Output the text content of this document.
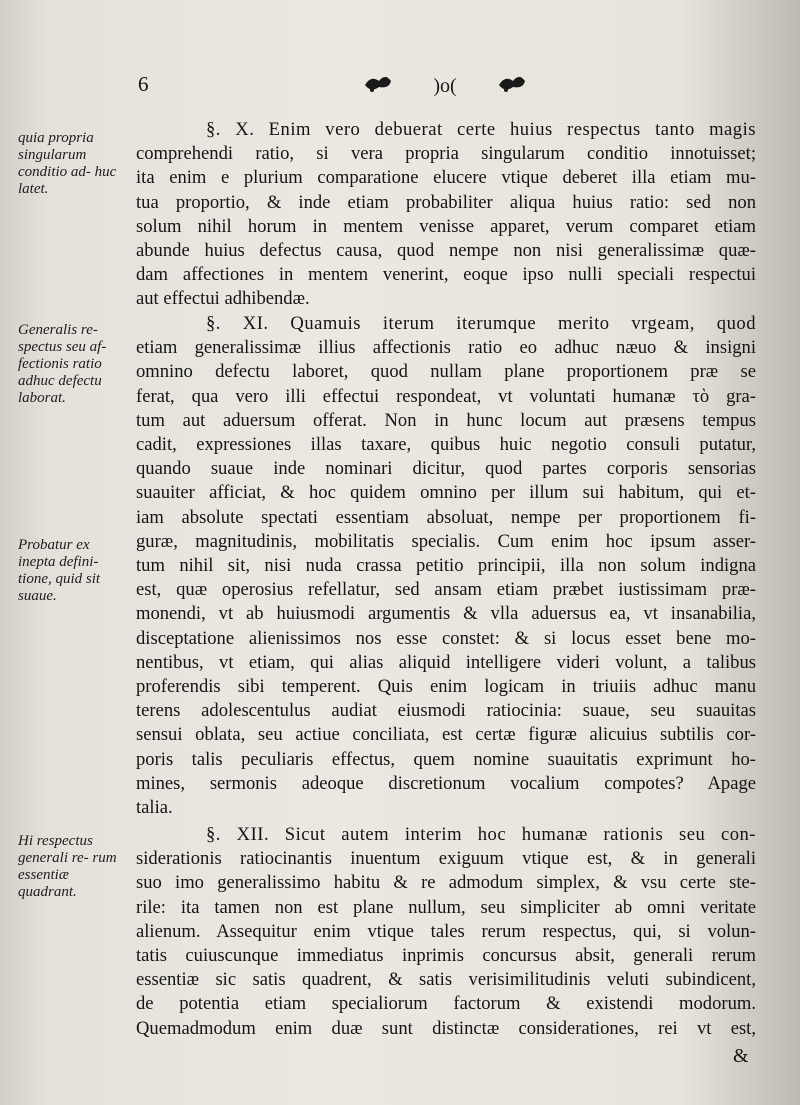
6	)o(
quia propria singularum conditio ad- huc latet.
Generalis re- spectus seu af- fectionis ratio adhuc defectu laborat.
Probatur ex inepta defini- tione, quid sit suaue.
Hi respectus generali re- rum essentiæ quadrant.
§. X. Enim vero debuerat certe huius respectus tanto magis
comprehendi ratio, si vera propria singularum conditio innotuisset;
ita enim e plurium comparatione elucere vtique deberet illa etiam mu-
tua proportio, & inde etiam probabiliter aliqua huius ratio: sed non
solum nihil horum in mentem venisse apparet, verum comparet etiam
abunde huius defectus causa, quod nempe non nisi generalissimæ quæ-
dam affectiones in mentem venerint, eoque ipso nulli speciali respectui
aut effectui adhibendæ.
§. XI. Quamuis iterum iterumque merito vrgeam, quod
etiam generalissimæ illius affectionis ratio eo adhuc næuo & insigni
omnino defectu laboret, quod nullam plane proportionem præ se
ferat, qua vero illi effectui respondeat, vt voluntati humanæ τὸ gra-
tum aut aduersum offerat. Non in hunc locum aut præsens tempus
cadit, expressiones illas taxare, quibus huic negotio consuli putatur,
quando suaue inde nominari dicitur, quod partes corporis sensorias
suauiter afficiat, & hoc quidem omnino per illum sui habitum, qui et-
iam absolute spectati essentiam absoluat, nempe per proportionem fi-
guræ, magnitudinis, mobilitatis specialis. Cum enim hoc ipsum asser-
tum nihil sit, nisi nuda crassa petitio principii, illa non solum indigna
est, quæ operosius refellatur, sed ansam etiam præbet iustissimam præ-
monendi, vt ab huiusmodi argumentis & vlla aduersus ea, vt insanabilia,
disceptatione alienissimos nos esse constet: & si locus esset bene mo-
nentibus, vt etiam, qui alias aliquid intelligere videri volunt, a talibus
proferendis sibi temperent. Quis enim logicam in triuiis adhuc manu
terens adolescentulus audiat eiusmodi ratiocinia: suaue, seu suauitas
sensui oblata, seu actiue conciliata, est certæ figuræ alicuius subtilis cor-
poris talis peculiaris effectus, quem nomine suauitatis exprimunt ho-
mines, sermonis adeoque discretionum vocalium compotes? Apage
talia.
§. XII. Sicut autem interim hoc humanæ rationis seu con-
siderationis ratiocinantis inuentum exiguum vtique est, & in generali
suo imo generalissimo habitu & re admodum simplex, & vsu certe ste-
rile: ita tamen non est plane nullum, seu simpliciter ab omni veritate
alienum. Assequitur enim vtique tales rerum respectus, qui, si volun-
tatis cuiuscunque immediatus inprimis concursus absit, generali rerum
essentiæ sic satis quadrent, & satis verisimilitudinis veluti subindicent,
de potentia etiam specialiorum factorum & existendi modorum.
Quemadmodum enim duæ sunt distinctæ considerationes, rei vt est,
&
